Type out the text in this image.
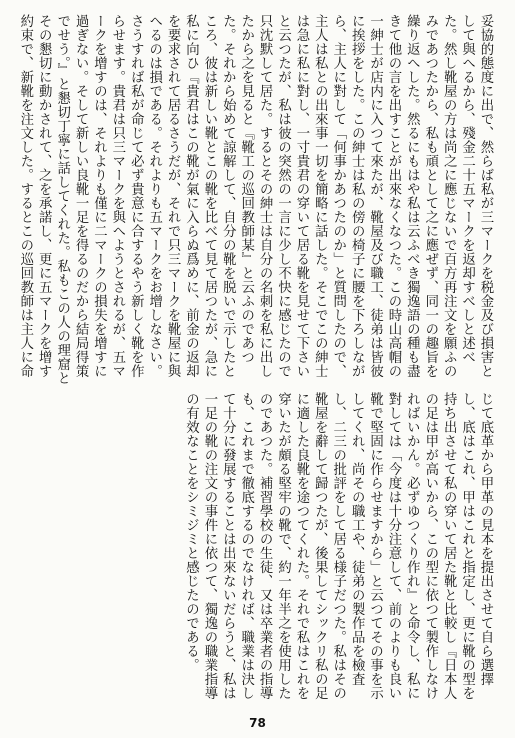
妥協的態度に出で、然らば私が三マークを税金及び損害として與へるから、殘金二十五マークを返却すべしと述べた。然し靴屋の方は尚之に應じないで百方再注文を願ふのみであつたから、私も頑として之に應ぜず、同一の趣旨を繰り返へした。然るにもはや私は云ふべき獨逸語の種も盡きて他の言を出すことが出來なくなつた。この時山高帽の一紳士が店内に入つて來たが、靴屋及び職工、徒弟は皆彼に挨拶をした。この紳士は私の傍の椅子に腰を下ろしながら、主人に對して「何事かあつたのか」と質問したので、主人は私との出來事一切を簡略に話した。そこでこの紳士は急に私に對し、一寸貴君の穿いて居る靴を見せて下さいと云つたが、私は彼の突然の一言に少し不快に感じたので只沈默して居た。するとその紳士は自分の名刺を私に出したから之を見ると『靴工の巡回教師某』と云ふのであつた。それから始めて諒解して、自分の靴を脱いで示したところ、彼は新しい靴とこの靴を比べて見て居つたが、急に私に向ひ『貴君はこの靴が氣に入らぬ爲めに、前金の返却を要求されて居るさうだが、それで只三マークを靴屋に與へるのは損である。それよりも五マークをお增しなさい。さうすれば私が命じて必ず貴意に合するやう新しく靴を作らせます。貴君は只三マークを與へようとされるが、五マークを增すのは、それよりも僅に二マークの損失を增すに過ぎない。そして新しい良靴一足を得るのだから結局得策でせう。』と懇切丁寧に話してくれた。私もこの人の理窟とその懇切に動かされて、之を承諾し、更に五マークを增す約束で、新靴を注文した。するとこの巡回教師は主人に命
じて底革から甲革の見本を提出させて自ら選擇し、底はこれ、甲はこれと指定し、更に靴の型を持ち出させて私の穿いて居た靴と比較し『日本人の足は甲が高いから、この型に依つて製作しなければいかん。必ずゆつくり作れ』と命令し、私に對しては「今度は十分注意して、前のよりも良い靴で堅固に作らせますから」と云つてその事を示してくれ、尚その職工や、徒弟の製作品を檢査し、二三の批評をして居る様子だつた。私はその靴屋を辭して歸つたが、後果してシックリ私の足に適した良靴を途つてくれた。それで私はこれを穿いたが頗る堅牢の靴で、約一年半之を使用したのであつた。補習學校の生徒、又は卒業者の指導も、これまで徹底するのでなければ、職業は決して十分に發展することは出來ないだらうと、私は一足の靴の注文の事件に依つて、獨逸の職業指導の有效なことをシミジミと感じたのである。
78
